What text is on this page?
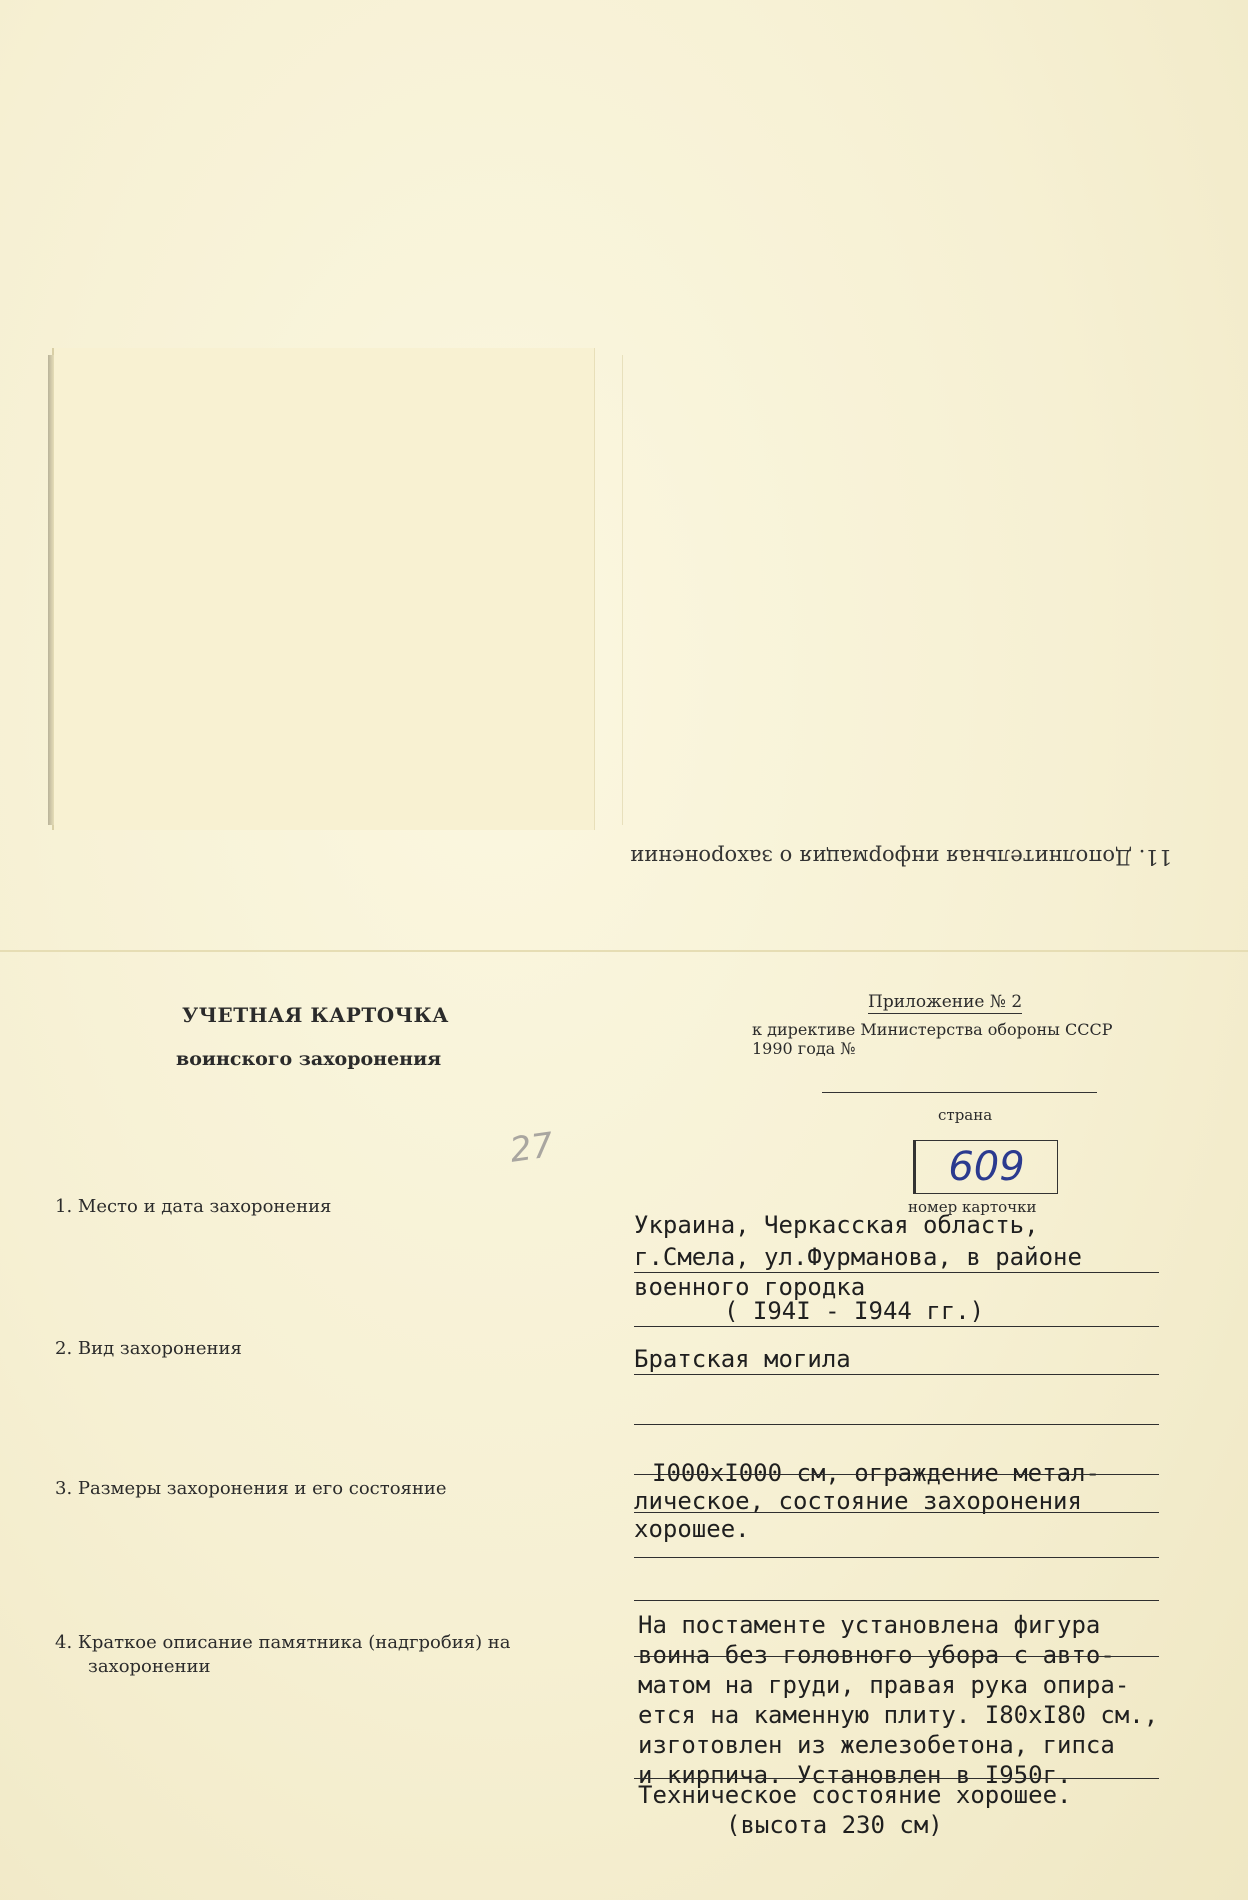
11. Дополнительная информация о захоронении
УЧЕТНАЯ КАРТОЧКА
воинского захоронения
Приложение № 2
к директиве Министерства обороны СССР
1990 года №
страна
609
номер карточки
27
1. Место и дата захоронения
Украина, Черкасская область,
г.Смела, ул.Фурманова, в районе
военного городка
( I94I - I944 гг.)
2. Вид захоронения	Братская могила
3. Размеры захоронения и его состояние
I000xI000 см, ограждение метал-
лическое, состояние захоронения
хорошее.
4. Краткое описание памятника (надгробия) на
захоронении
На постаменте установлена фигура
воина без головного убора с авто-
матом на груди, правая рука опира-
ется на каменную плиту. I80xI80 см.,
изготовлен из железобетона, гипса
и кирпича. Установлен в I950г.
Техническое состояние хорошее.
(высота 230 см)
